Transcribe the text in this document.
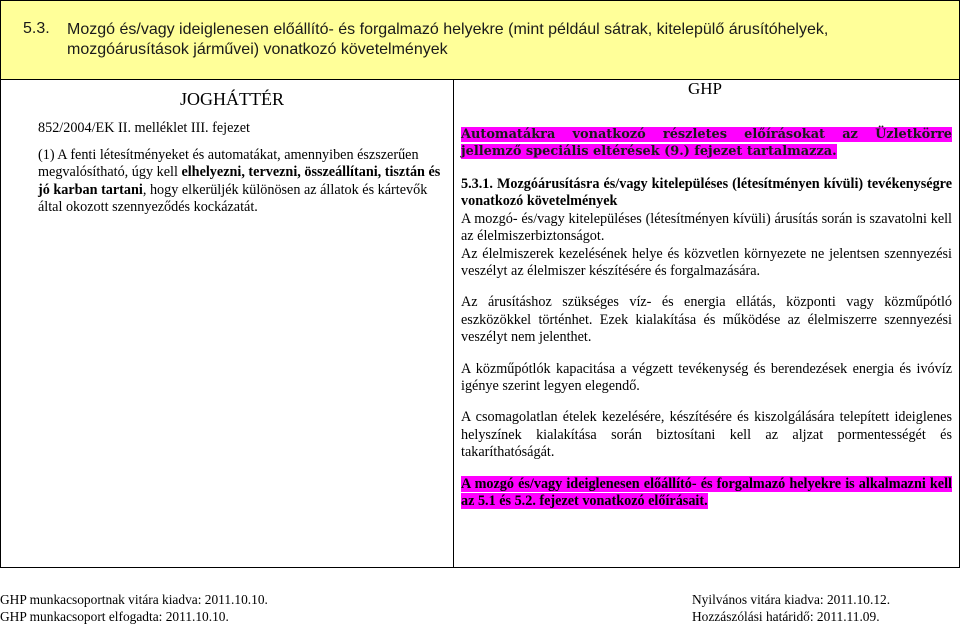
5.3. Mozgó és/vagy ideiglenesen előállító- és forgalmazó helyekre (mint például sátrak, kitelepülő árusítóhelyek, mozgóárusítások járművei) vonatkozó követelmények
JOGHÁTTÉR
GHP
852/2004/EK II. melléklet III. fejezet
(1) A fenti létesítményeket és automatákat, amennyiben észszerűen megvalósítható, úgy kell elhelyezni, tervezni, összeállítani, tisztán és jó karban tartani, hogy elkerüljék különösen az állatok és kártevők által okozott szennyeződés kockázatát.
Automatákra vonatkozó részletes előírásokat az Üzletkörre jellemző speciális eltérések (9.) fejezet tartalmazza.
5.3.1. Mozgóárusításra és/vagy kitelepüléses (létesítményen kívüli) tevékenységre vonatkozó követelmények
A mozgó- és/vagy kitelepüléses (létesítményen kívüli) árusítás során is szavatolni kell az élelmiszerbiztonságot.
Az élelmiszerek kezelésének helye és közvetlen környezete ne jelentsen szennyezési veszélyt az élelmiszer készítésére és forgalmazására.
Az árusításhoz szükséges víz- és energia ellátás, központi vagy közműpótló eszközökkel történhet. Ezek kialakítása és működése az élelmiszerre szennyezési veszélyt nem jelenthet.
A közműpótlók kapacitása a végzett tevékenység és berendezések energia és ivóvíz igénye szerint legyen elegendő.
A csomagolatlan ételek kezelésére, készítésére és kiszolgálására telepített ideiglenes helyszínek kialakítása során biztosítani kell az aljzat pormentességét és takaríthatóságát.
A mozgó és/vagy ideiglenesen előállító- és forgalmazó helyekre is alkalmazni kell az 5.1 és 5.2. fejezet vonatkozó előírásait.
GHP munkacsoportnak vitára kiadva: 2011.10.10.
GHP munkacsoport elfogadta: 2011.10.10.
Nyilvános vitára kiadva: 2011.10.12.
Hozzászólási határidő: 2011.11.09.
